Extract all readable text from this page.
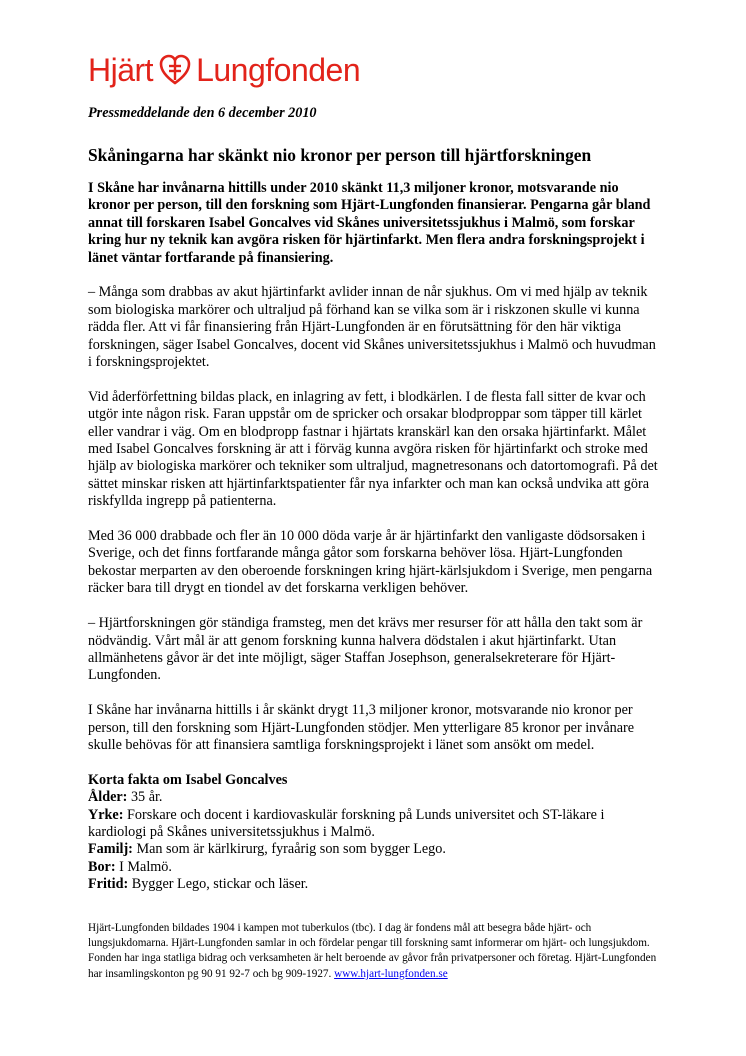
Hjärt Lungfonden
Pressmeddelande den 6 december 2010
Skåningarna har skänkt nio kronor per person till hjärtforskningen

I Skåne har invånarna hittills under 2010 skänkt 11,3 miljoner kronor, motsvarande nio kronor per person, till den forskning som Hjärt-Lungfonden finansierar. Pengarna går bland annat till forskaren Isabel Goncalves vid Skånes universitetssjukhus i Malmö, som forskar kring hur ny teknik kan avgöra risken för hjärtinfarkt. Men flera andra forskningsprojekt i länet väntar fortfarande på finansiering.

– Många som drabbas av akut hjärtinfarkt avlider innan de når sjukhus. Om vi med hjälp av teknik som biologiska markörer och ultraljud på förhand kan se vilka som är i riskzonen skulle vi kunna rädda fler. Att vi får finansiering från Hjärt-Lungfonden är en förutsättning för den här viktiga forskningen, säger Isabel Goncalves, docent vid Skånes universitetssjukhus i Malmö och huvudman i forskningsprojektet.

Vid åderförfettning bildas plack, en inlagring av fett, i blodkärlen. I de flesta fall sitter de kvar och utgör inte någon risk. Faran uppstår om de spricker och orsakar blodproppar som täpper till kärlet eller vandrar i väg. Om en blodpropp fastnar i hjärtats kranskärl kan den orsaka hjärtinfarkt. Målet med Isabel Goncalves forskning är att i förväg kunna avgöra risken för hjärtinfarkt och stroke med hjälp av biologiska markörer och tekniker som ultraljud, magnetresonans och datortomografi. På det sättet minskar risken att hjärtinfarktspatienter får nya infarkter och man kan också undvika att göra riskfyllda ingrepp på patienterna.

Med 36 000 drabbade och fler än 10 000 döda varje år är hjärtinfarkt den vanligaste dödsorsaken i Sverige, och det finns fortfarande många gåtor som forskarna behöver lösa. Hjärt-Lungfonden bekostar merparten av den oberoende forskningen kring hjärt-kärlsjukdom i Sverige, men pengarna räcker bara till drygt en tiondel av det forskarna verkligen behöver.

– Hjärtforskningen gör ständiga framsteg, men det krävs mer resurser för att hålla den takt som är nödvändig. Vårt mål är att genom forskning kunna halvera dödstalen i akut hjärtinfarkt. Utan allmänhetens gåvor är det inte möjligt, säger Staffan Josephson, generalsekreterare för Hjärt-Lungfonden.

I Skåne har invånarna hittills i år skänkt drygt 11,3 miljoner kronor, motsvarande nio kronor per person, till den forskning som Hjärt-Lungfonden stödjer. Men ytterligare 85 kronor per invånare skulle behövas för att finansiera samtliga forskningsprojekt i länet som ansökt om medel.

Korta fakta om Isabel Goncalves
Ålder: 35 år.
Yrke: Forskare och docent i kardiovaskulär forskning på Lunds universitet och ST-läkare i kardiologi på Skånes universitetssjukhus i Malmö.
Familj: Man som är kärlkirurg, fyraårig son som bygger Lego.
Bor: I Malmö.
Fritid: Bygger Lego, stickar och läser.
Hjärt-Lungfonden bildades 1904 i kampen mot tuberkulos (tbc). I dag är fondens mål att besegra både hjärt- och lungsjukdomarna. Hjärt-Lungfonden samlar in och fördelar pengar till forskning samt informerar om hjärt- och lungsjukdom. Fonden har inga statliga bidrag och verksamheten är helt beroende av gåvor från privatpersoner och företag. Hjärt-Lungfonden har insamlingskonton pg 90 91 92-7 och bg 909-1927. www.hjart-lungfonden.se
